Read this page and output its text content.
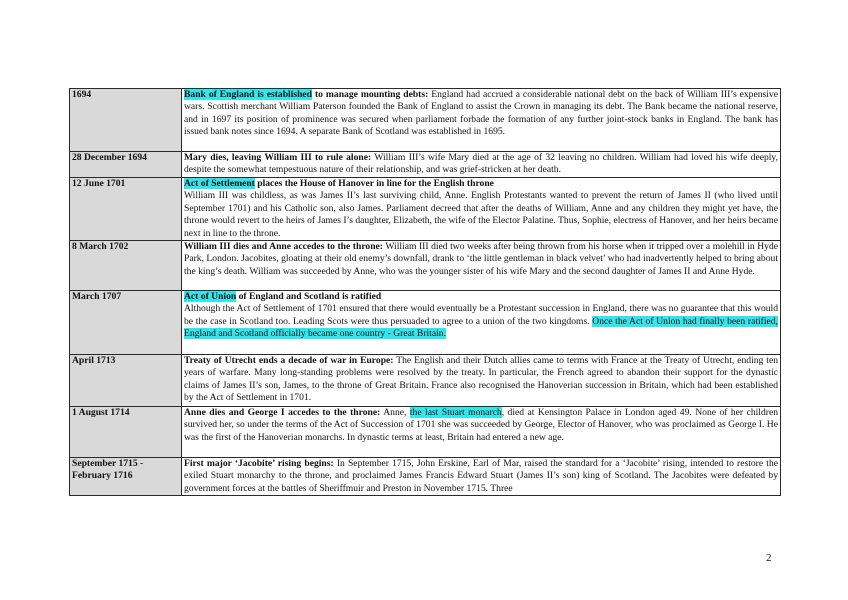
1694	Bank of England is established to manage mounting debts: England had accrued a considerable national debt on the back of William III’s expensive wars. Scottish merchant William Paterson founded the Bank of England to assist the Crown in managing its debt. The Bank became the national reserve, and in 1697 its position of prominence was secured when parliament forbade the formation of any further joint-stock banks in England. The bank has issued bank notes since 1694. A separate Bank of Scotland was established in 1695.
28 December 1694	Mary dies, leaving William III to rule alone: William III’s wife Mary died at the age of 32 leaving no children. William had loved his wife deeply, despite the somewhat tempestuous nature of their relationship, and was grief-stricken at her death.
12 June 1701	Act of Settlement places the House of Hanover in line for the English throne
William III was childless, as was James II’s last surviving child, Anne. English Protestants wanted to prevent the return of James II (who lived until September 1701) and his Catholic son, also James. Parliament decreed that after the deaths of William, Anne and any children they might yet have, the throne would revert to the heirs of James I’s daughter, Elizabeth, the wife of the Elector Palatine. Thus, Sophie, electress of Hanover, and her heirs became next in line to the throne.
8 March 1702	William III dies and Anne accedes to the throne: William III died two weeks after being thrown from his horse when it tripped over a molehill in Hyde Park, London. Jacobites, gloating at their old enemy’s downfall, drank to ‘the little gentleman in black velvet’ who had inadvertently helped to bring about the king’s death. William was succeeded by Anne, who was the younger sister of his wife Mary and the second daughter of James II and Anne Hyde.
March 1707	Act of Union of England and Scotland is ratified
Although the Act of Settlement of 1701 ensured that there would eventually be a Protestant succession in England, there was no guarantee that this would be the case in Scotland too. Leading Scots were thus persuaded to agree to a union of the two kingdoms. Once the Act of Union had finally been ratified, England and Scotland officially became one country - Great Britain.
April 1713	Treaty of Utrecht ends a decade of war in Europe: The English and their Dutch allies came to terms with France at the Treaty of Utrecht, ending ten years of warfare. Many long-standing problems were resolved by the treaty. In particular, the French agreed to abandon their support for the dynastic claims of James II’s son, James, to the throne of Great Britain. France also recognised the Hanoverian succession in Britain, which had been established by the Act of Settlement in 1701.
1 August 1714	Anne dies and George I accedes to the throne: Anne, the last Stuart monarch, died at Kensington Palace in London aged 49. None of her children survived her, so under the terms of the Act of Succession of 1701 she was succeeded by George, Elector of Hanover, who was proclaimed as George I. He was the first of the Hanoverian monarchs. In dynastic terms at least, Britain had entered a new age.
September 1715 - February 1716	First major ‘Jacobite’ rising begins: In September 1715, John Erskine, Earl of Mar, raised the standard for a ‘Jacobite’ rising, intended to restore the exiled Stuart monarchy to the throne, and proclaimed James Francis Edward Stuart (James II’s son) king of Scotland. The Jacobites were defeated by government forces at the battles of Sheriffmuir and Preston in November 1715. Three
2
